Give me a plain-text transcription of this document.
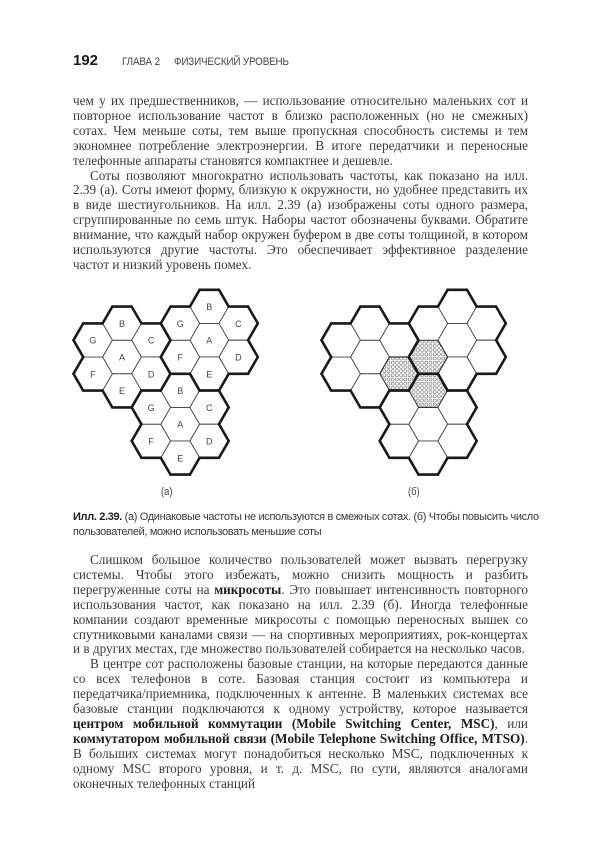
192	ГЛАВА 2	ФИЗИЧЕСКИЙ УРОВЕНЬ

чем у их предшественников, — использование относительно маленьких сот и повторное использование частот в близко расположенных (но не смежных) сотах. Чем меньше соты, тем выше пропускная способность системы и тем экономнее потребление электроэнергии. В итоге передатчики и переносные телефонные аппараты становятся компактнее и дешевле.

Соты позволяют многократно использовать частоты, как показано на илл. 2.39 (а). Соты имеют форму, близкую к окружности, но удобнее представить их в виде шестиугольников. На илл. 2.39 (а) изображены соты одного размера, сгруппированные по семь штук. Наборы частот обозначены буквами. Обратите внимание, что каждый набор окружен буфером в две соты толщиной, в котором используются другие частоты. Это обеспечивает эффективное разделение частот и низкий уровень помех.

A
B
C
D
E
F
G	A
B
C
D
E
F
G
A
B
C
D
E
F
G
(а)	(б)
Илл. 2.39. (а) Одинаковые частоты не используются в смежных сотах. (б) Чтобы повысить число пользователей, можно использовать меньшие соты

Слишком большое количество пользователей может вызвать перегрузку системы. Чтобы этого избежать, можно снизить мощность и разбить перегруженные соты на микросоты. Это повышает интенсивность повторного использования частот, как показано на илл. 2.39 (б). Иногда телефонные компании создают временные микросоты с помощью переносных вышек со спутниковыми каналами связи — на спортивных мероприятиях, рок-концертах и в других местах, где множество пользователей собирается на несколько часов.

В центре сот расположены базовые станции, на которые передаются данные со всех телефонов в соте. Базовая станция состоит из компьютера и передатчика/приемника, подключенных к антенне. В маленьких системах все базовые станции подключаются к одному устройству, которое называется центром мобильной коммутации (Mobile Switching Center, MSC), или коммутатором мобильной связи (Mobile Telephone Switching Office, MTSO). В больших системах могут понадобиться несколько MSC, подключенных к одному MSC второго уровня, и т. д. MSC, по сути, являются аналогами оконечных телефонных станций
